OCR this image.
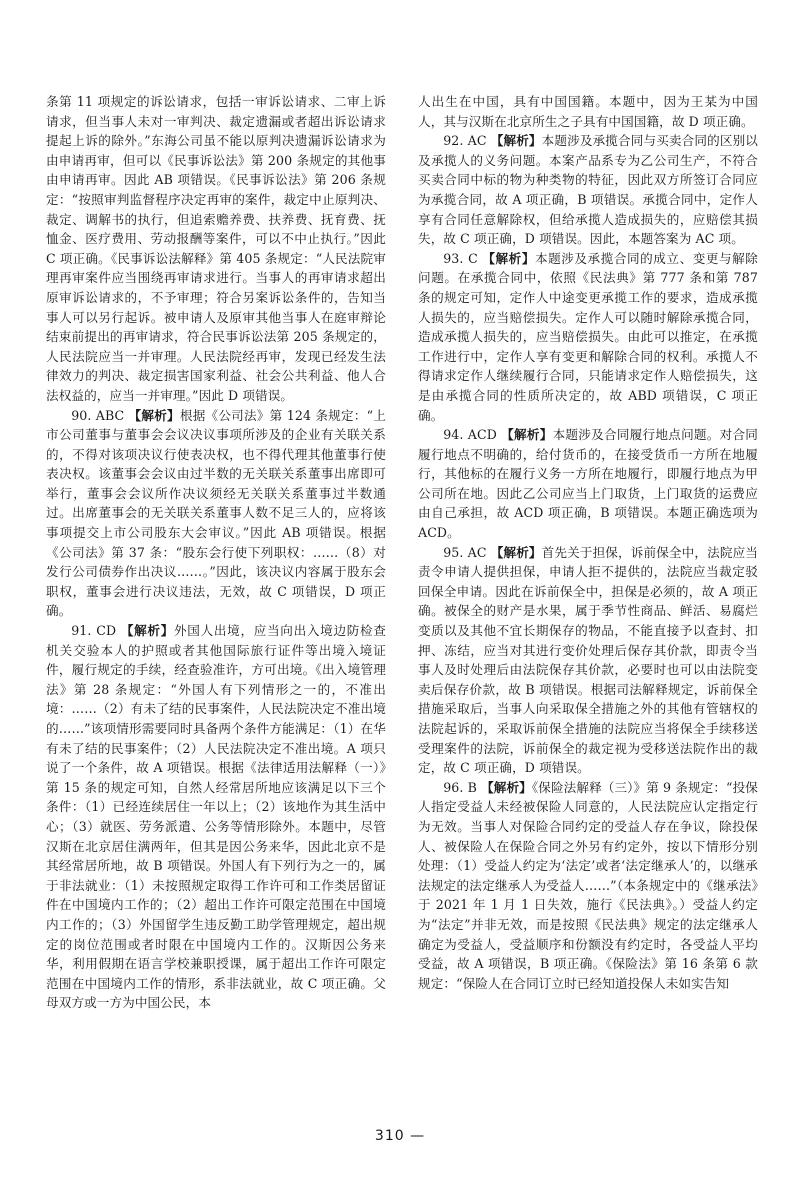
条第 11 项规定的诉讼请求，包括一审诉讼请求、二审上诉请求，但当事人未对一审判决、裁定遗漏或者超出诉讼请求提起上诉的除外。”东海公司虽不能以原判决遗漏诉讼请求为由申请再审，但可以《民事诉讼法》第 200 条规定的其他事由申请再审。因此 AB 项错误。《民事诉讼法》第 206 条规定：“按照审判监督程序决定再审的案件，裁定中止原判决、裁定、调解书的执行，但追索赡养费、扶养费、抚育费、抚恤金、医疗费用、劳动报酬等案件，可以不中止执行。”因此 C 项正确。《民事诉讼法解释》第 405 条规定：“人民法院审理再审案件应当围绕再审请求进行。当事人的再审请求超出原审诉讼请求的，不予审理；符合另案诉讼条件的，告知当事人可以另行起诉。被申请人及原审其他当事人在庭审辩论结束前提出的再审请求，符合民事诉讼法第 205 条规定的，人民法院应当一并审理。人民法院经再审，发现已经发生法律效力的判决、裁定损害国家利益、社会公共利益、他人合法权益的，应当一并审理。”因此 D 项错误。

90. ABC 【解析】根据《公司法》第 124 条规定：“上市公司董事与董事会会议决议事项所涉及的企业有关联关系的，不得对该项决议行使表决权，也不得代理其他董事行使表决权。该董事会会议由过半数的无关联关系董事出席即可举行，董事会会议所作决议须经无关联关系董事过半数通过。出席董事会的无关联关系董事人数不足三人的，应将该事项提交上市公司股东大会审议。”因此 AB 项错误。根据《公司法》第 37 条：“股东会行使下列职权：……（8）对发行公司债券作出决议……。”因此，该决议内容属于股东会职权，董事会进行决议违法，无效，故 C 项错误，D 项正确。

91. CD 【解析】外国人出境，应当向出入境边防检查机关交验本人的护照或者其他国际旅行证件等出境入境证件，履行规定的手续，经查验准许，方可出境。《出入境管理法》第 28 条规定：“外国人有下列情形之一的，不准出境：……（2）有未了结的民事案件，人民法院决定不准出境的……”该项情形需要同时具备两个条件方能满足：（1）在华有未了结的民事案件；（2）人民法院决定不准出境。A 项只说了一个条件，故 A 项错误。根据《法律适用法解释（一）》第 15 条的规定可知，自然人经常居所地应该满足以下三个条件：（1）已经连续居住一年以上；（2）该地作为其生活中心；（3）就医、劳务派遣、公务等情形除外。本题中，尽管汉斯在北京居住满两年，但其是因公务来华，因此北京不是其经常居所地，故 B 项错误。外国人有下列行为之一的，属于非法就业：（1）未按照规定取得工作许可和工作类居留证件在中国境内工作的；（2）超出工作许可限定范围在中国境内工作的；（3）外国留学生违反勤工助学管理规定，超出规定的岗位范围或者时限在中国境内工作的。汉斯因公务来华，利用假期在语言学校兼职授课，属于超出工作许可限定范围在中国境内工作的情形，系非法就业，故 C 项正确。父母双方或一方为中国公民，本

人出生在中国，具有中国国籍。本题中，因为王某为中国人，其与汉斯在北京所生之子具有中国国籍，故 D 项正确。

92. AC 【解析】本题涉及承揽合同与买卖合同的区别以及承揽人的义务问题。本案产品系专为乙公司生产，不符合买卖合同中标的物为种类物的特征，因此双方所签订合同应为承揽合同，故 A 项正确，B 项错误。承揽合同中，定作人享有合同任意解除权，但给承揽人造成损失的，应赔偿其损失，故 C 项正确，D 项错误。因此，本题答案为 AC 项。

93. C 【解析】本题涉及承揽合同的成立、变更与解除问题。在承揽合同中，依照《民法典》第 777 条和第 787 条的规定可知，定作人中途变更承揽工作的要求，造成承揽人损失的，应当赔偿损失。定作人可以随时解除承揽合同，造成承揽人损失的，应当赔偿损失。由此可以推定，在承揽工作进行中，定作人享有变更和解除合同的权利。承揽人不得请求定作人继续履行合同，只能请求定作人赔偿损失，这是由承揽合同的性质所决定的，故 ABD 项错误，C 项正确。

94. ACD 【解析】本题涉及合同履行地点问题。对合同履行地点不明确的，给付货币的，在接受货币一方所在地履行，其他标的在履行义务一方所在地履行，即履行地点为甲公司所在地。因此乙公司应当上门取货，上门取货的运费应由自己承担，故 ACD 项正确，B 项错误。本题正确选项为 ACD。

95. AC 【解析】首先关于担保，诉前保全中，法院应当责令申请人提供担保，申请人拒不提供的，法院应当裁定驳回保全申请。因此在诉前保全中，担保是必须的，故 A 项正确。被保全的财产是水果，属于季节性商品、鲜活、易腐烂变质以及其他不宜长期保存的物品，不能直接予以查封、扣押、冻结，应当对其进行变价处理后保存其价款，即责令当事人及时处理后由法院保存其价款，必要时也可以由法院变卖后保存价款，故 B 项错误。根据司法解释规定，诉前保全措施采取后，当事人向采取保全措施之外的其他有管辖权的法院起诉的，采取诉前保全措施的法院应当将保全手续移送受理案件的法院，诉前保全的裁定视为受移送法院作出的裁定，故 C 项正确，D 项错误。

96. B 【解析】《保险法解释（三）》第 9 条规定：“投保人指定受益人未经被保险人同意的，人民法院应认定指定行为无效。当事人对保险合同约定的受益人存在争议，除投保人、被保险人在保险合同之外另有约定外，按以下情形分别处理：（1）受益人约定为‘法定’或者‘法定继承人’的，以继承法规定的法定继承人为受益人……”（本条规定中的《继承法》于 2021 年 1 月 1 日失效，施行《民法典》。）受益人约定为“法定”并非无效，而是按照《民法典》规定的法定继承人确定为受益人，受益顺序和份额没有约定时，各受益人平均受益，故 A 项错误，B 项正确。《保险法》第 16 条第 6 款规定：“保险人在合同订立时已经知道投保人未如实告知

310 —
